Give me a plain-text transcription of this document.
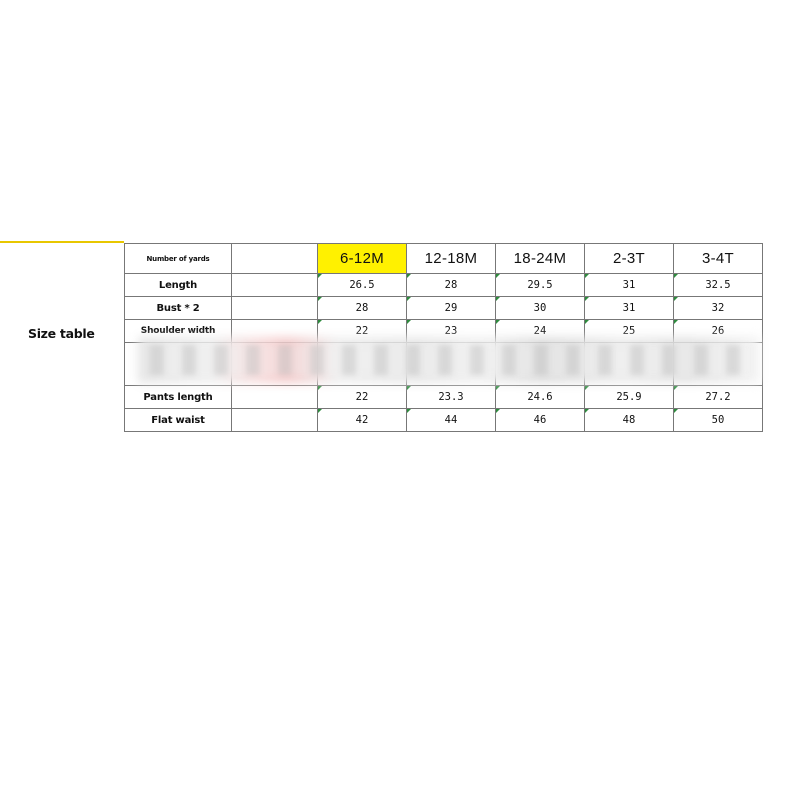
Size table
Number of yards		6-12M	12-18M	18-24M	2-3T	3-4T
Length		26.5	28	29.5	31	32.5
Bust * 2		28	29	30	31	32
Shoulder width		22	23	24	25	26

Pants length		22	23.3	24.6	25.9	27.2
Flat waist		42	44	46	48	50
